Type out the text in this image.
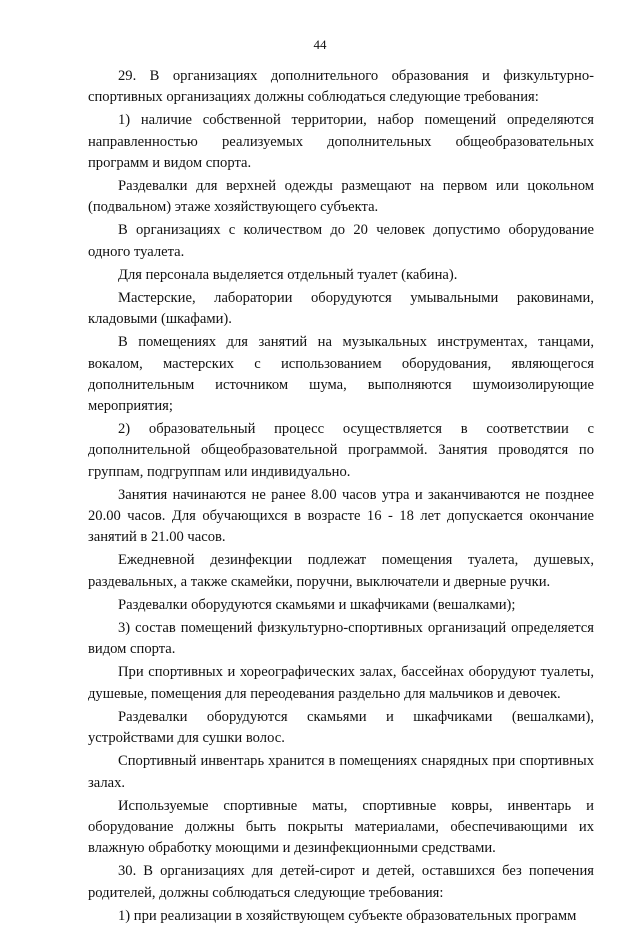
44

29. В организациях дополнительного образования и физкультурно-спортивных организациях должны соблюдаться следующие требования:

1) наличие собственной территории, набор помещений определяются направленностью реализуемых дополнительных общеобразовательных программ и видом спорта.

Раздевалки для верхней одежды размещают на первом или цокольном (подвальном) этаже хозяйствующего субъекта.

В организациях с количеством до 20 человек допустимо оборудование одного туалета.

Для персонала выделяется отдельный туалет (кабина).

Мастерские, лаборатории оборудуются умывальными раковинами, кладовыми (шкафами).

В помещениях для занятий на музыкальных инструментах, танцами, вокалом, мастерских с использованием оборудования, являющегося дополнительным источником шума, выполняются шумоизолирующие мероприятия;

2) образовательный процесс осуществляется в соответствии с дополнительной общеобразовательной программой. Занятия проводятся по группам, подгруппам или индивидуально.

Занятия начинаются не ранее 8.00 часов утра и заканчиваются не позднее 20.00 часов. Для обучающихся в возрасте 16 - 18 лет допускается окончание занятий в 21.00 часов.

Ежедневной дезинфекции подлежат помещения туалета, душевых, раздевальных, а также скамейки, поручни, выключатели и дверные ручки.

Раздевалки оборудуются скамьями и шкафчиками (вешалками);

3) состав помещений физкультурно-спортивных организаций определяется видом спорта.

При спортивных и хореографических залах, бассейнах оборудуют туалеты, душевые, помещения для переодевания раздельно для мальчиков и девочек.

Раздевалки оборудуются скамьями и шкафчиками (вешалками), устройствами для сушки волос.

Спортивный инвентарь хранится в помещениях снарядных при спортивных залах.

Используемые спортивные маты, спортивные ковры, инвентарь и оборудование должны быть покрыты материалами, обеспечивающими их влажную обработку моющими и дезинфекционными средствами.

30. В организациях для детей-сирот и детей, оставшихся без попечения родителей, должны соблюдаться следующие требования:

1) при реализации в хозяйствующем субъекте образовательных программ
